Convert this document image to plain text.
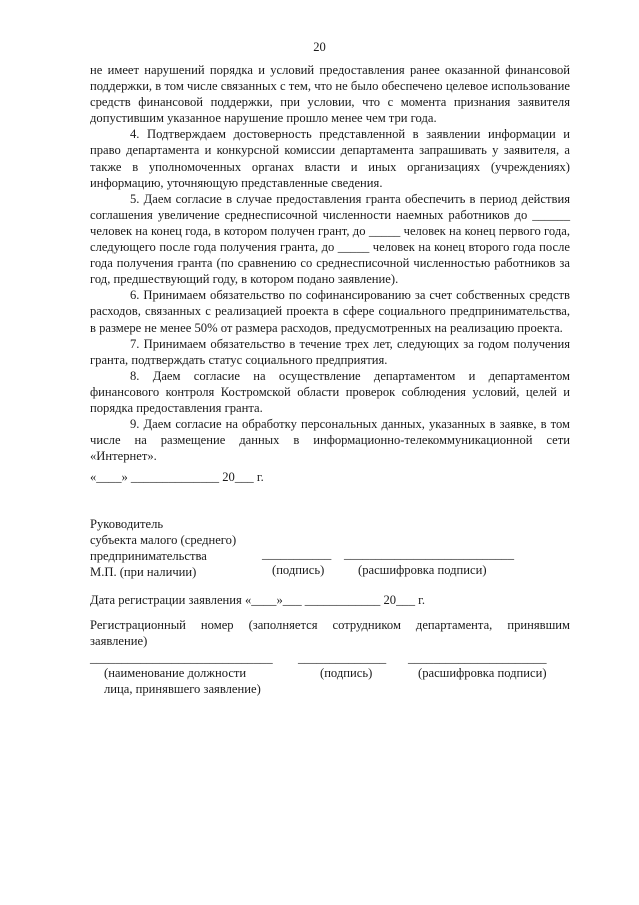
20

не имеет нарушений порядка и условий предоставления ранее оказанной финансовой поддержки, в том числе связанных с тем, что не было обеспечено целевое использование средств финансовой поддержки, при условии, что с момента признания заявителя допустившим указанное нарушение прошло менее чем три года.

4. Подтверждаем достоверность представленной в заявлении информации и право департамента и конкурсной комиссии департамента запрашивать у заявителя, а также в уполномоченных органах власти и иных организациях (учреждениях) информацию, уточняющую представленные сведения.

5. Даем согласие в случае предоставления гранта обеспечить в период действия соглашения увеличение среднесписочной численности наемных работников до ______ человек на конец года, в котором получен грант, до _____ человек на конец первого года, следующего после года получения гранта, до _____ человек на конец второго года после года получения гранта (по сравнению со среднесписочной численностью работников за год, предшествующий году, в котором подано заявление).

6. Принимаем обязательство по софинансированию за счет собственных средств расходов, связанных с реализацией проекта в сфере социального предпринимательства, в размере не менее 50% от размера расходов, предусмотренных на реализацию проекта.

7. Принимаем обязательство в течение трех лет, следующих за годом получения гранта, подтверждать статус социального предприятия.

8. Даем согласие на осуществление департаментом и департаментом финансового контроля Костромской области проверок соблюдения условий, целей и порядка предоставления гранта.

9. Даем согласие на обработку персональных данных, указанных в заявке, в том числе на размещение данных в информационно-телекоммуникационной сети «Интернет».

«____» ______________ 20___ г.
Руководитель
субъекта малого (среднего)
предпринимательства
М.П. (при наличии)
___________ ___________________________
(подпись)	(расшифровка подписи)
Дата регистрации заявления «____»___ ____________ 20___ г.
Регистрационный номер (заполняется сотрудником департамента, принявшим заявление)
_____________________________ ______________ ______________________
(наименование должности
лица, принявшего заявление)
(подпись)	(расшифровка подписи)
